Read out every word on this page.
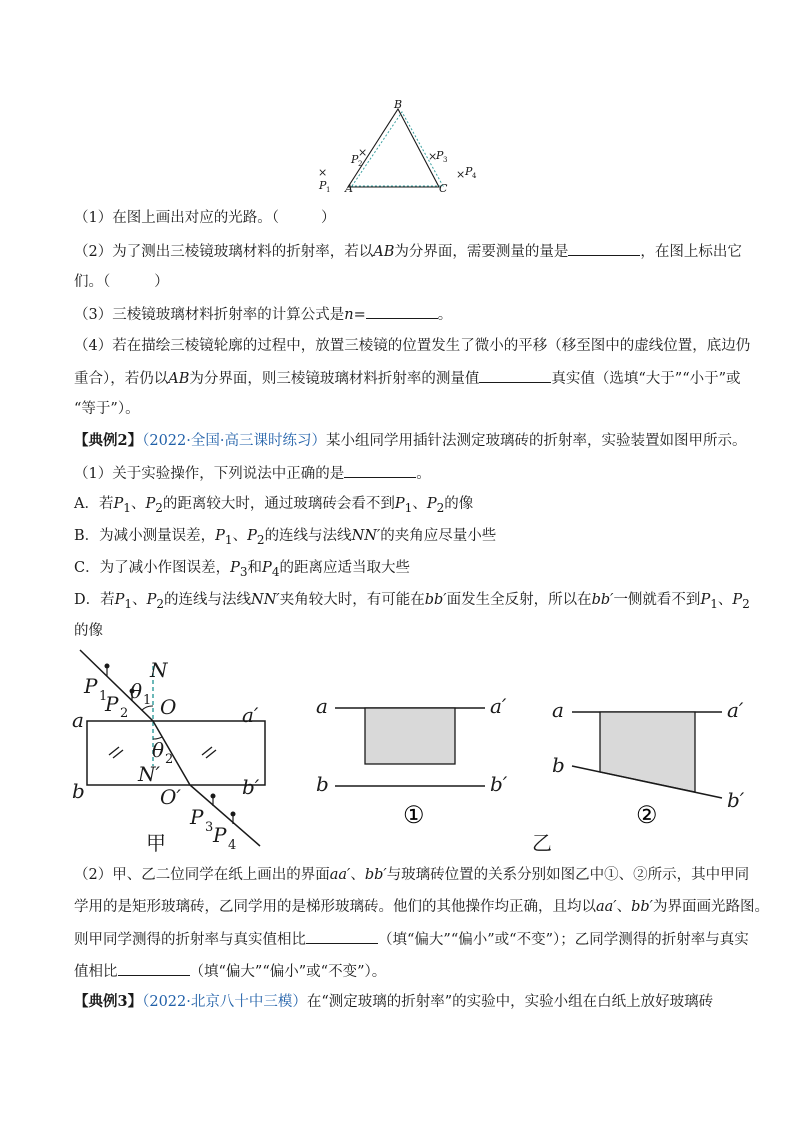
B
A	C
×
P 1
×
P 2
×
P 3
× P 4
（1）在图上画出对应的光路。（	）
（2）为了测出三棱镜玻璃材料的折射率，若以AB为分界面，需要测量的量是	，在图上标出它
们。（	）
（3）三棱镜玻璃材料折射率的计算公式是n=	。
（4）若在描绘三棱镜轮廓的过程中，放置三棱镜的位置发生了微小的平移（移至图中的虚线位置，底边仍
重合），若仍以AB为分界面，则三棱镜玻璃材料折射率的测量值	真实值（选填“大于”“小于”或
“等于”）。
【典例2】（2022·全国·高三课时练习）某小组同学用插针法测定玻璃砖的折射率，实验装置如图甲所示。
（1）关于实验操作，下列说法中正确的是	。
A．若$P_1$、$P_2$的距离较大时，通过玻璃砖会看不到$P_1$、$P_2$的像
B．为减小测量误差，$P_1$、$P_2$的连线与法线NN′的夹角应尽量小些
C．为了减小作图误差，$P_3$和$P_4$的距离应适当取大些
D．若$P_1$、$P_2$的连线与法线NN′夹角较大时，有可能在bb′面发生全反射，所以在bb′一侧就看不到$P_1$、$P_2$
的像
N
P 1 θ 1
P 2 O
a	a′
θ 2
N′
b	b′
O′
P 3 P 4
甲
a	a′
b	b′
①
a	a′
b
b′
②
乙
（2）甲、乙二位同学在纸上画出的界面aa′、bb′与玻璃砖位置的关系分别如图乙中①、②所示，其中甲同
学用的是矩形玻璃砖，乙同学用的是梯形玻璃砖。他们的其他操作均正确，且均以aa′、bb′为界面画光路图。
则甲同学测得的折射率与真实值相比	（填“偏大”“偏小”或“不变”）；乙同学测得的折射率与真实
值相比	（填“偏大”“偏小”或“不变”）。
【典例3】（2022·北京八十中三模）在“测定玻璃的折射率”的实验中，实验小组在白纸上放好玻璃砖
